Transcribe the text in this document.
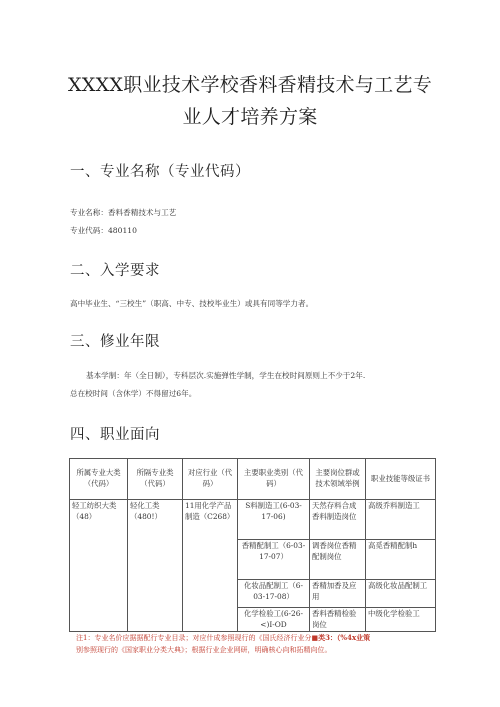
XXXX职业技术学校香料香精技术与工艺专
业人才培养方案
一、专业名称（专业代码）
专业名称：香料香精技术与工艺
专业代码：480110
二、入学要求
高中毕业生、“三校生”（职高、中专、技校毕业生）或具有同等学力者。
三、修业年限
基本学制：年（全日制），专科层次.实施弹性学制，学生在校时间原则上不少于2年.
总在校时间（含休学）不得留过6年。
四、职业面向
所属专业大类（代码）	所隔专业类（代码）	对应行业（代码）	主要职业类别（代码）	主要岗位群或技术领域举例	职业技能等级证书
轻工纺织大类（48）	轻化工类（480!）	11用化学产品制造（C268）	S料制造工(6-03-17-06)	天然存料合成香料制造岗位	高级乔料制造工
			香精配制工（6-03-17-07）	调香岗位香精配制岗位	高觅香精配制h
			化妆品配制工（6-03-17-08）	香精加香及应用	高级化妆品配制工
			化学检验工(6-26-<)I-OD	香料香精检验岗位	中级化学检验工
注1：专业名价应据据配行专业目录；对应什成参照现行的《国氏经济行业分■类3：（%4x业策
别参照现行的《国家职业分类大典》；根据行业企业网研，明确核心向和拓精向位。
